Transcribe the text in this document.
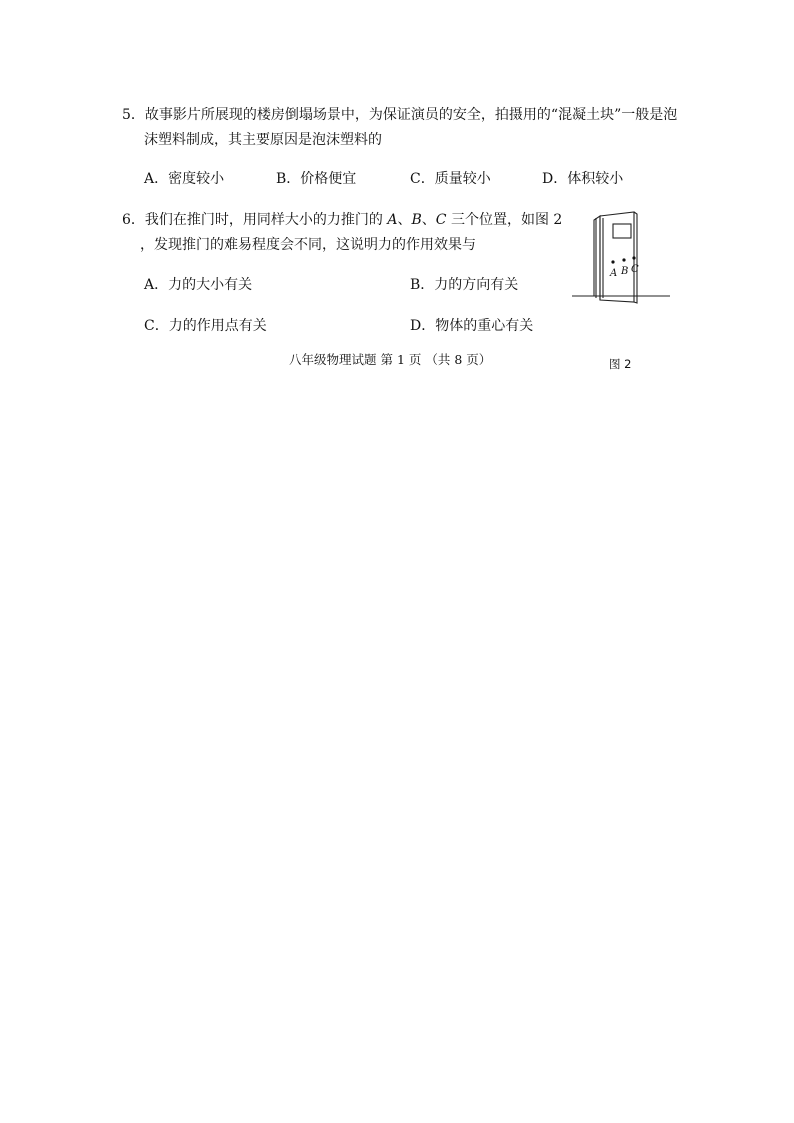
5．故事影片所展现的楼房倒塌场景中，为保证演员的安全，拍摄用的“混凝土块”一般是泡
沫塑料制成，其主要原因是泡沫塑料的
A．密度较小	B．价格便宜	C．质量较小	D．体积较小
6．我们在推门时，用同样大小的力推门的 A、B、C 三个位置，如图 2
，发现推门的难易程度会不同，这说明力的作用效果与
A．力的大小有关	B．力的方向有关
C．力的作用点有关	D．物体的重心有关
A B C
八年级物理试题 第 1 页 （共 8 页）	图 2
